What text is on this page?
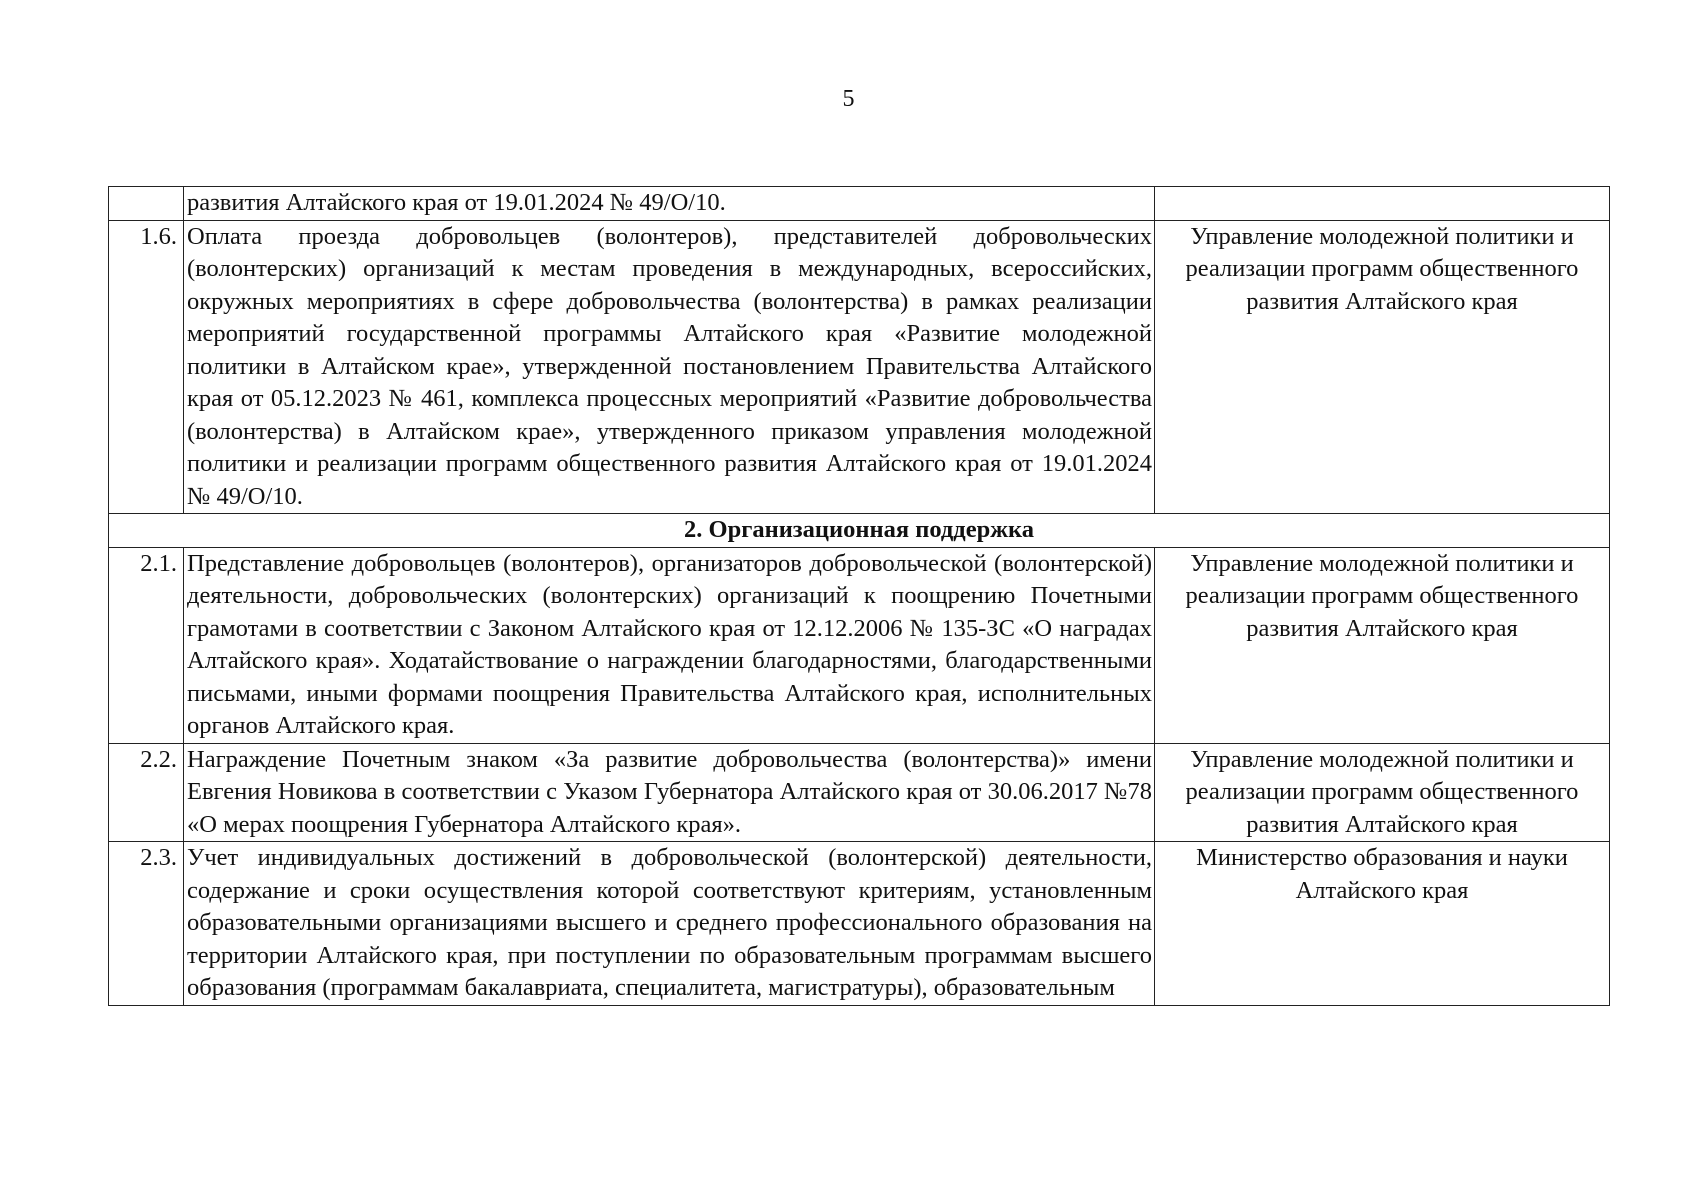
5
	развития Алтайского края от 19.01.2024 № 49/О/10.	
1.6.	Оплата проезда добровольцев (волонтеров), представителей добровольческих (волонтерских) организаций к местам проведения в международных, всероссийских, окружных мероприятиях в сфере добровольчества (волонтерства) в рамках реализации мероприятий государственной программы Алтайского края «Развитие молодежной политики в Алтайском крае», утвержденной постановлением Правительства Алтайского края от 05.12.2023 № 461, комплекса процессных мероприятий «Развитие добровольчества (волонтерства) в Алтайском крае», утвержденного приказом управления молодежной политики и реализации программ общественного развития Алтайского края от 19.01.2024 № 49/О/10.	Управление молодежной политики и реализации программ общественного развития Алтайского края
2. Организационная поддержка		
2.1.	Представление добровольцев (волонтеров), организаторов добровольческой (волонтерской) деятельности, добровольческих (волонтерских) организаций к поощрению Почетными грамотами в соответствии с Законом Алтайского края от 12.12.2006 № 135-ЗС «О наградах Алтайского края». Ходатайствование о награждении благодарностями, благодарственными письмами, иными формами поощрения Правительства Алтайского края, исполнительных органов Алтайского края.	Управление молодежной политики и реализации программ общественного развития Алтайского края
2.2.	Награждение Почетным знаком «За развитие добровольчества (волонтерства)» имени Евгения Новикова в соответствии с Указом Губернатора Алтайского края от 30.06.2017 №78 «О мерах поощрения Губернатора Алтайского края».	Управление молодежной политики и реализации программ общественного развития Алтайского края
2.3.	Учет индивидуальных достижений в добровольческой (волонтерской) деятельности, содержание и сроки осуществления которой соответствуют критериям, установленным образовательными организациями высшего и среднего профессионального образования на территории Алтайского края, при поступлении по образовательным программам высшего образования (программам бакалавриата, специалитета, магистратуры), образовательным	Министерство образования и науки Алтайского края
